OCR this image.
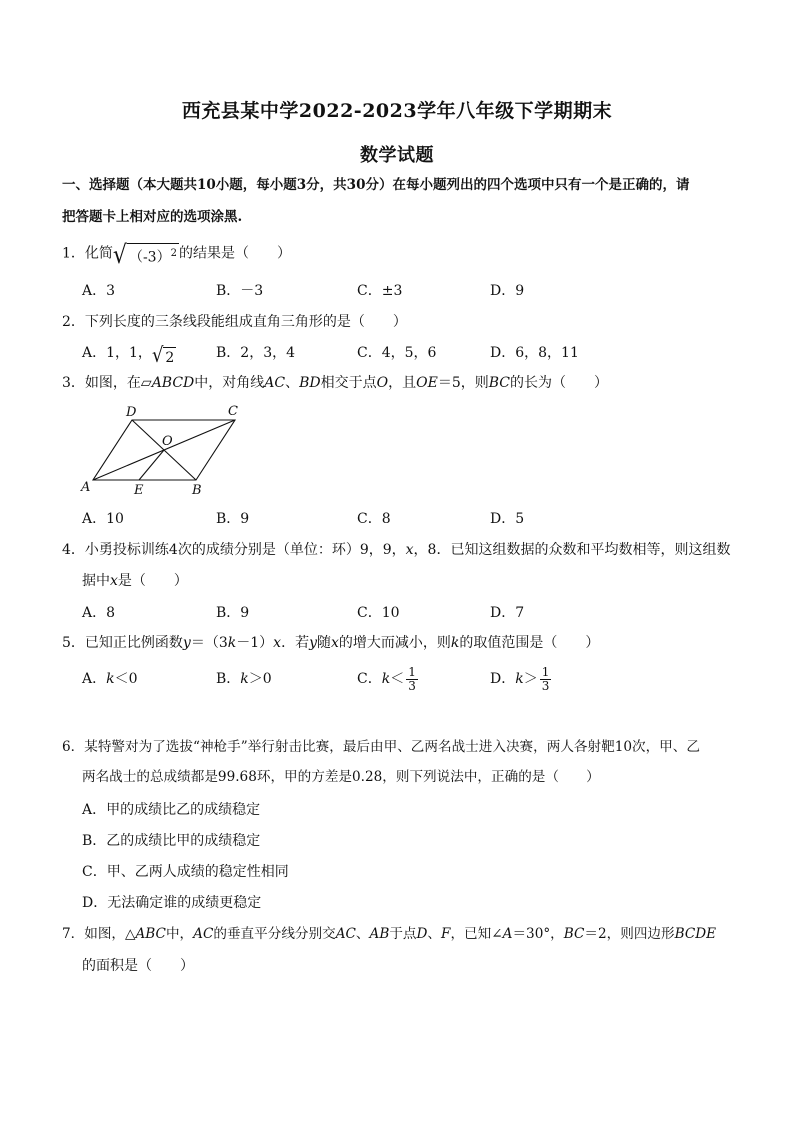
西充县某中学2022-2023学年八年级下学期期末
数学试题
一、选择题（本大题共10小题，每小题3分，共30分）在每小题列出的四个选项中只有一个是正确的，请
把答题卡上相对应的选项涂黑.
1．化简 √ $(-3)^2$ 的结果是（　　）
A．3	B．－3	C．±3	D．9
2．下列长度的三条线段能组成直角三角形的是（　　）
A．1，1， √ 2	B．2，3，4	C．4，5，6	D．6，8，11
3．如图，在▱ABCD中，对角线AC、BD相交于点O，且OE＝5，则BC的长为（　　）
A	B
C
D
O
E
A．10	B．9	C．8	D．5
4．小勇投标训练4次的成绩分别是（单位：环）9，9，x，8．已知这组数据的众数和平均数相等，则这组数
据中x是（　　）
A．8	B．9	C．10	D．7
5．已知正比例函数y＝（3k－1）x．若y随x的增大而减小，则k的取值范围是（　　）
A．k＜0	B．k＞0	C．$k< \frac{1}{3}$	D．$k> \frac{1}{3}$
6．某特警对为了选拔“神枪手”举行射击比赛，最后由甲、乙两名战士进入决赛，两人各射靶10次，甲、乙
两名战士的总成绩都是99.68环，甲的方差是0.28，则下列说法中，正确的是（　　）
A．甲的成绩比乙的成绩稳定
B．乙的成绩比甲的成绩稳定
C．甲、乙两人成绩的稳定性相同
D．无法确定谁的成绩更稳定
7．如图，△ABC中，AC的垂直平分线分别交AC、AB于点D、F，已知∠A＝30°，BC＝2，则四边形BCDE
的面积是（　　）
